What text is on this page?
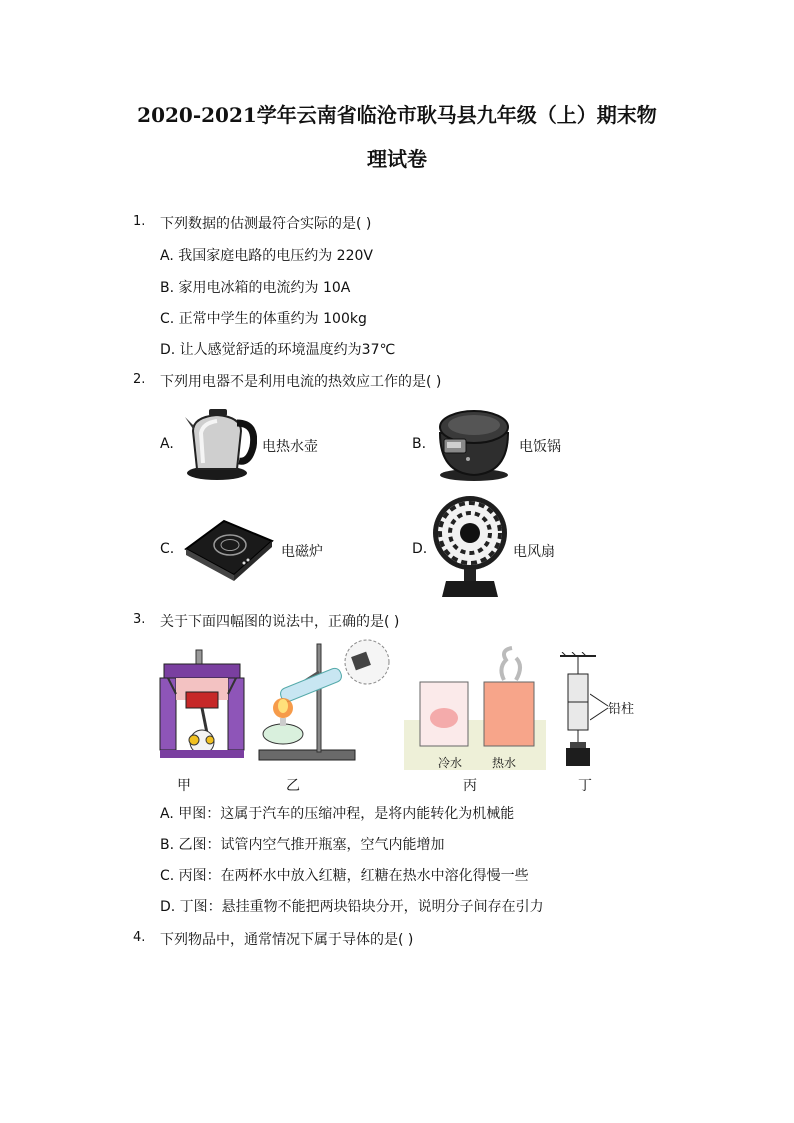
2020-2021学年云南省临沧市耿马县九年级（上）期末物
理试卷
1. 下列数据的估测最符合实际的是( )
A. 我国家庭电路的电压约为 220V
B. 家用电冰箱的电流约为 10A
C. 正常中学生的体重约为 100kg
D. 让人感觉舒适的环境温度约为37℃
2. 下列用电器不是利用电流的热效应工作的是( )
A.	电热水壶	B.	电饭锅
C.	电磁炉	D.	电风扇
3. 关于下面四幅图的说法中，正确的是( )
甲	乙
冷水 热水
丙
铅柱
丁
A. 甲图：这属于汽车的压缩冲程，是将内能转化为机械能
B. 乙图：试管内空气推开瓶塞，空气内能增加
C. 丙图：在两杯水中放入红糖，红糖在热水中溶化得慢一些
D. 丁图：悬挂重物不能把两块铅块分开，说明分子间存在引力
4. 下列物品中，通常情况下属于导体的是( )
